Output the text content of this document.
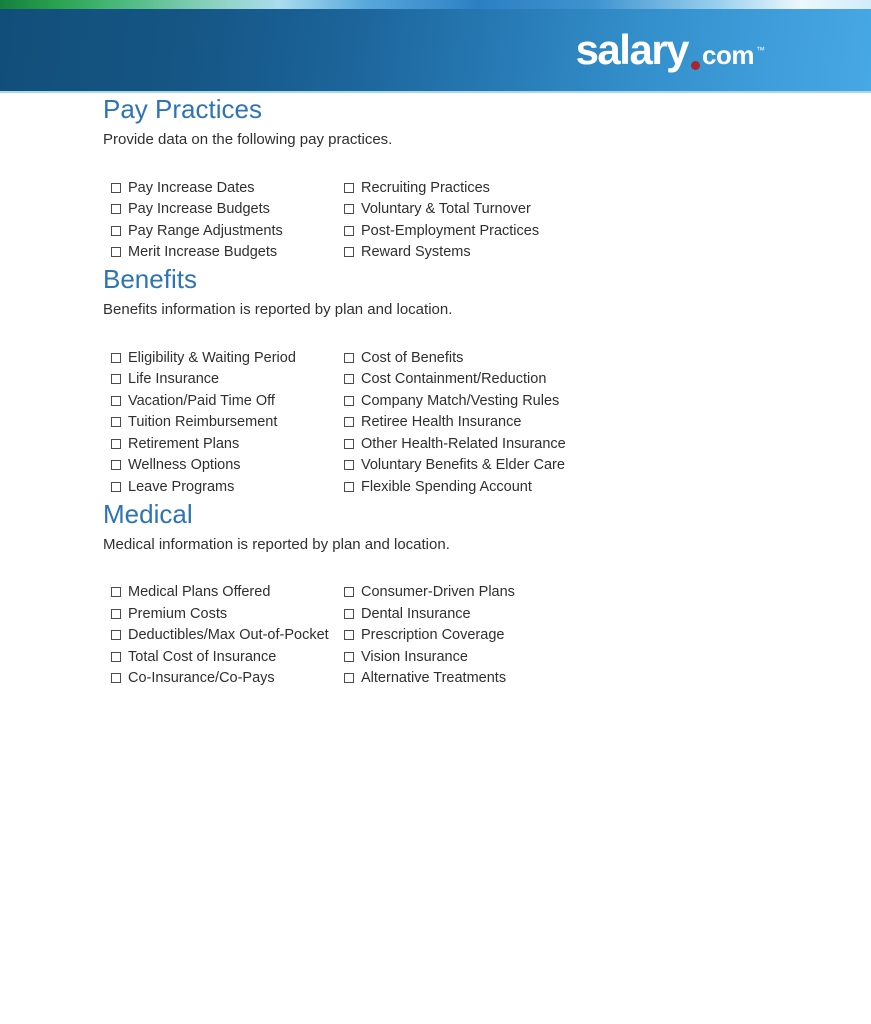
salary com ™
Pay Practices
Provide data on the following pay practices.
Pay Increase Dates
Pay Increase Budgets
Pay Range Adjustments
Merit Increase Budgets
Recruiting Practices
Voluntary & Total Turnover
Post-Employment Practices
Reward Systems
Benefits
Benefits information is reported by plan and location.
Eligibility & Waiting Period
Life Insurance
Vacation/Paid Time Off
Tuition Reimbursement
Retirement Plans
Wellness Options
Leave Programs
Cost of Benefits
Cost Containment/Reduction
Company Match/Vesting Rules
Retiree Health Insurance
Other Health-Related Insurance
Voluntary Benefits & Elder Care
Flexible Spending Account
Medical
Medical information is reported by plan and location.
Medical Plans Offered
Premium Costs
Deductibles/Max Out-of-Pocket
Total Cost of Insurance
Co-Insurance/Co-Pays
Consumer-Driven Plans
Dental Insurance
Prescription Coverage
Vision Insurance
Alternative Treatments
